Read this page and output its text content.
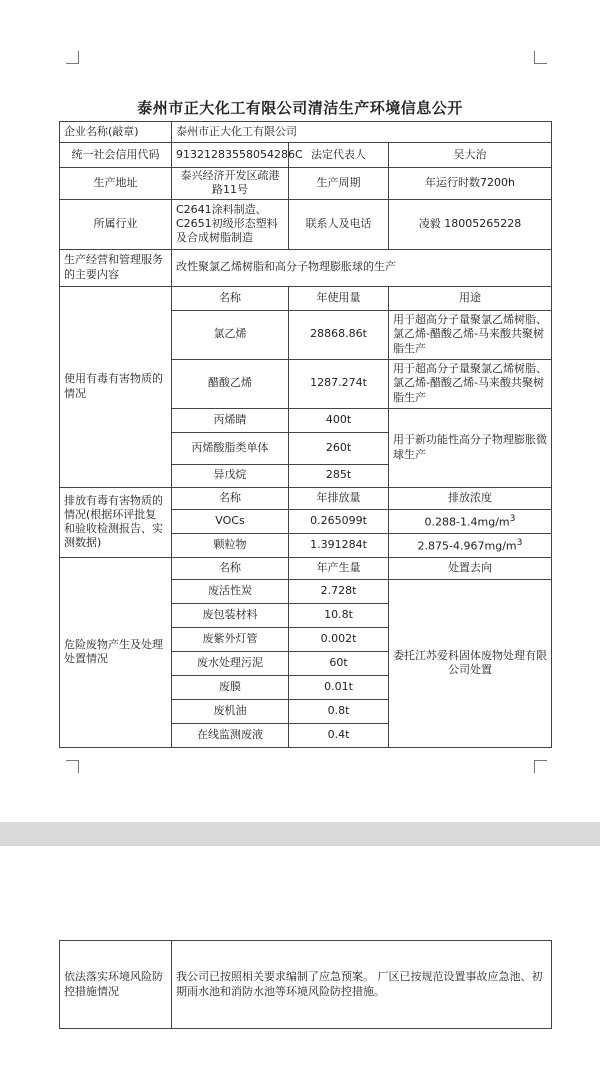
泰州市正大化工有限公司清洁生产环境信息公开
企业名称(敲章)	泰州市正大化工有限公司		
统一社会信用代码	91321283558054286C	法定代表人	吴大治
生产地址	泰兴经济开发区疏港路11号	生产周期	年运行时数7200h
所属行业	C2641涂料制造、C2651初级形态塑料及合成树脂制造	联系人及电话	凌毅 18005265228
生产经营和管理服务的主要内容	改性聚氯乙烯树脂和高分子物理膨胀球的生产		
使用有毒有害物质的情况	名称	年使用量	用途
	氯乙烯	28868.86t	用于超高分子量聚氯乙烯树脂、氯乙烯-醋酸乙烯-马来酸共聚树脂生产
	醋酸乙烯	1287.274t	用于超高分子量聚氯乙烯树脂、氯乙烯-醋酸乙烯-马来酸共聚树脂生产
	丙烯睛	400t	用于新功能性高分子物理膨胀微球生产
	丙烯酸脂类单体	260t	
	异戊烷	285t	
排放有毒有害物质的情况(根据环评批复和验收检测报告、实测数据)	名称	年排放量	排放浓度
	VOCs	0.265099t	$0.288-1.4mg/m^3$
	颗粒物	1.391284t	$2.875-4.967mg/m^3$
危险废物产生及处理处置情况	名称	年产生量	处置去向
	废活性炭	2.728t	委托江苏爱科固体废物处理有限公司处置
	废包装材料	10.8t	
	废紫外灯管	0.002t	
	废水处理污泥	60t	
	废膜	0.01t	
	废机油	0.8t	
	在线监测废液	0.4t	
依法落实环境风险防控措施情况	我公司已按照相关要求编制了应急预案。 厂区已按规范设置事故应急池、初期雨水池和消防水池等环境风险防控措施。
